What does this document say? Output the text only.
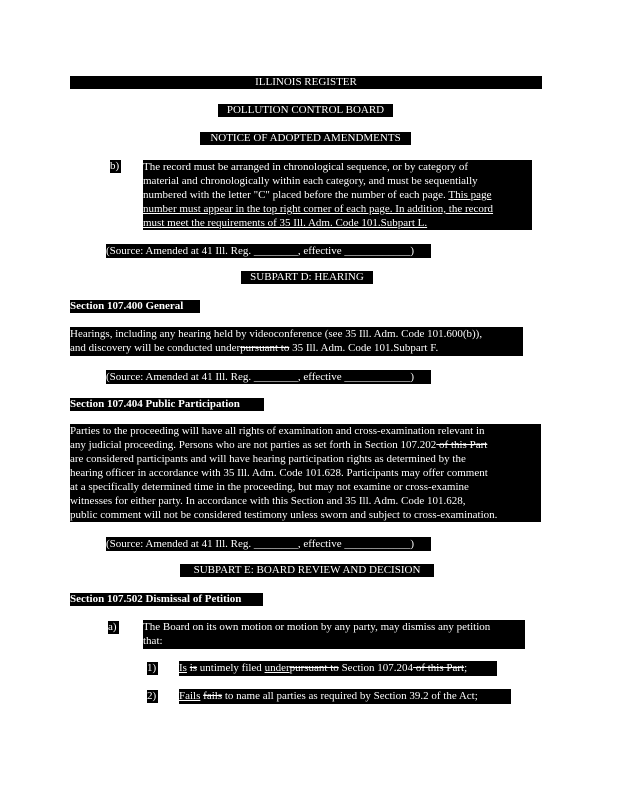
ILLINOIS REGISTER
POLLUTION CONTROL BOARD
NOTICE OF ADOPTED AMENDMENTS
b) The record must be arranged in chronological sequence, or by category of
material and chronologically within each category, and must be sequentially
numbered with the letter "C" placed before the number of each page. This page
number must appear in the top right corner of each page. In addition, the record
must meet the requirements of 35 Ill. Adm. Code 101.Subpart L.
(Source: Amended at 41 Ill. Reg. ________, effective ____________)
SUBPART D: HEARING
Section 107.400 General
Hearings, including any hearing held by videoconference (see 35 Ill. Adm. Code 101.600(b)),
and discovery will be conducted underpursuant to 35 Ill. Adm. Code 101.Subpart F.
(Source: Amended at 41 Ill. Reg. ________, effective ____________)
Section 107.404 Public Participation
Parties to the proceeding will have all rights of examination and cross-examination relevant in
any judicial proceeding. Persons who are not parties as set forth in Section 107.202 of this Part
are considered participants and will have hearing participation rights as determined by the
hearing officer in accordance with 35 Ill. Adm. Code 101.628. Participants may offer comment
at a specifically determined time in the proceeding, but may not examine or cross-examine
witnesses for either party. In accordance with this Section and 35 Ill. Adm. Code 101.628,
public comment will not be considered testimony unless sworn and subject to cross-examination.
(Source: Amended at 41 Ill. Reg. ________, effective ____________)
SUBPART E: BOARD REVIEW AND DECISION
Section 107.502 Dismissal of Petition
a) The Board on its own motion or motion by any party, may dismiss any petition
that:
1) Is is untimely filed underpursuant to Section 107.204 of this Part;
2) Fails fails to name all parties as required by Section 39.2 of the Act;
